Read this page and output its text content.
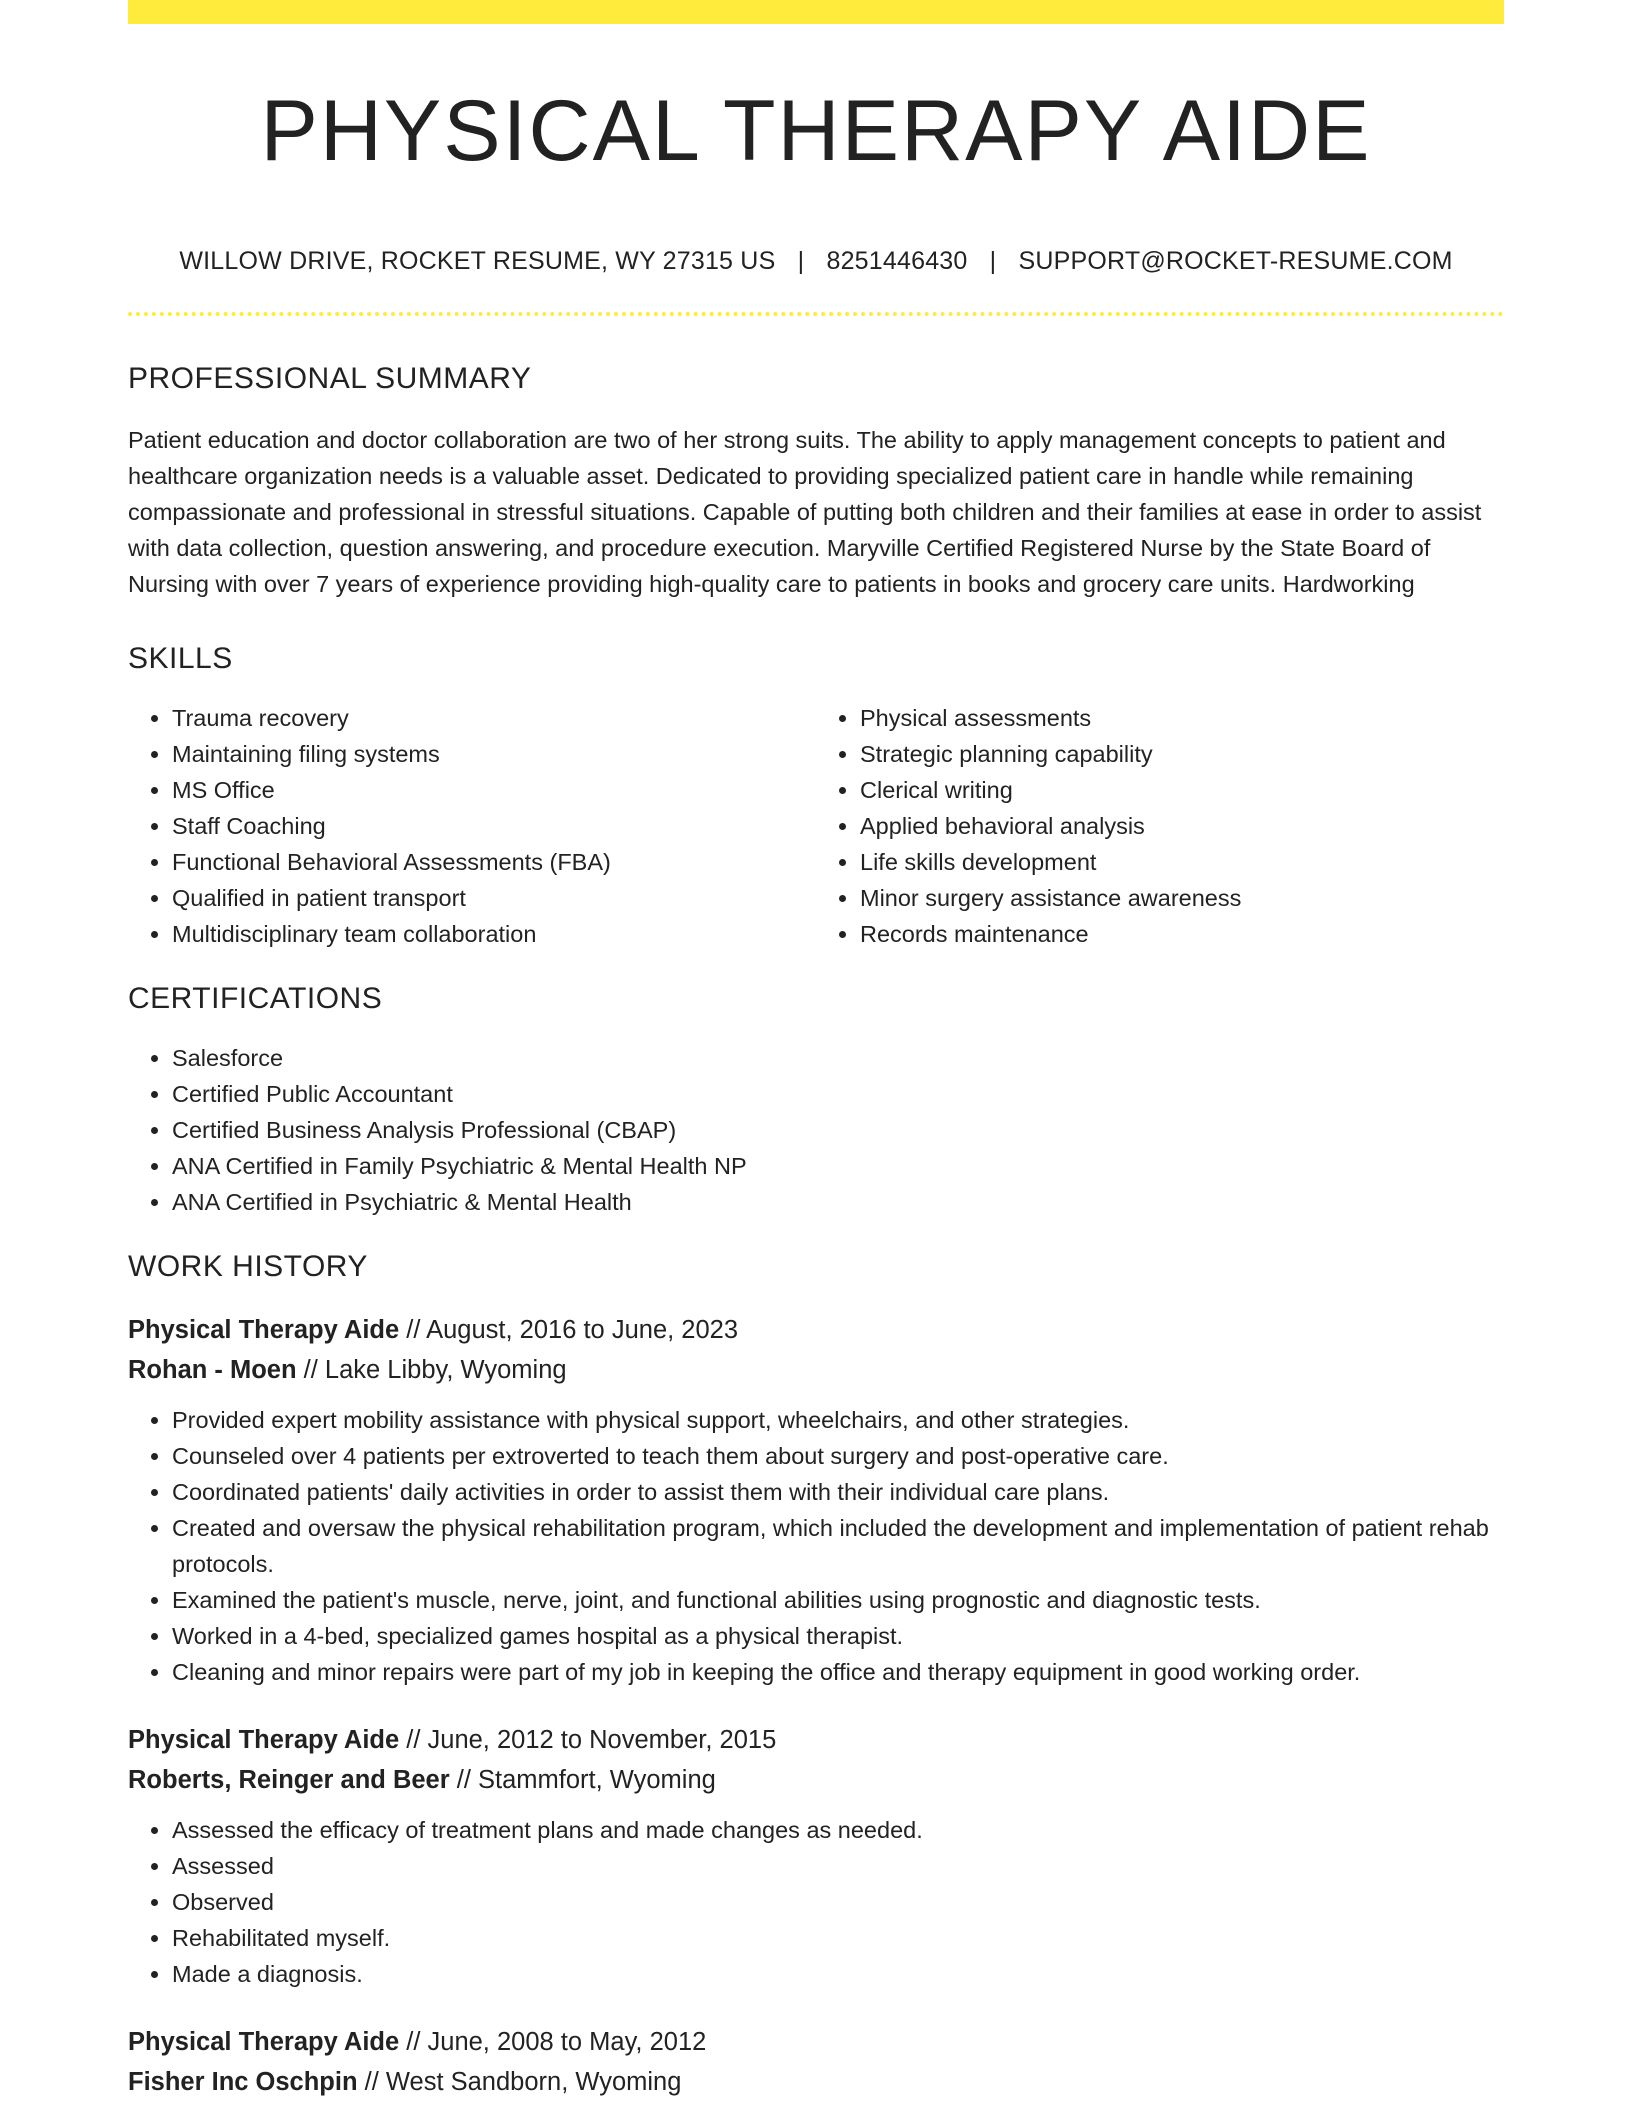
PHYSICAL THERAPY AIDE
WILLOW DRIVE, ROCKET RESUME, WY 27315 US | 8251446430 | SUPPORT@ROCKET-RESUME.COM
PROFESSIONAL SUMMARY

Patient education and doctor collaboration are two of her strong suits. The ability to apply management concepts to patient and healthcare organization needs is a valuable asset. Dedicated to providing specialized patient care in handle while remaining compassionate and professional in stressful situations. Capable of putting both children and their families at ease in order to assist with data collection, question answering, and procedure execution. Maryville Certified Registered Nurse by the State Board of Nursing with over 7 years of experience providing high-quality care to patients in books and grocery care units. Hardworking

SKILLS
• Trauma recovery
• Maintaining filing systems
• MS Office
• Staff Coaching
• Functional Behavioral Assessments (FBA)
• Qualified in patient transport
• Multidisciplinary team collaboration
• Physical assessments
• Strategic planning capability
• Clerical writing
• Applied behavioral analysis
• Life skills development
• Minor surgery assistance awareness
• Records maintenance
CERTIFICATIONS
• Salesforce
• Certified Public Accountant
• Certified Business Analysis Professional (CBAP)
• ANA Certified in Family Psychiatric & Mental Health NP
• ANA Certified in Psychiatric & Mental Health
WORK HISTORY
Physical Therapy Aide // August, 2016 to June, 2023
Rohan - Moen // Lake Libby, Wyoming
• Provided expert mobility assistance with physical support, wheelchairs, and other strategies.
• Counseled over 4 patients per extroverted to teach them about surgery and post-operative care.
• Coordinated patients' daily activities in order to assist them with their individual care plans.
• Created and oversaw the physical rehabilitation program, which included the development and implementation of patient rehab protocols.
• Examined the patient's muscle, nerve, joint, and functional abilities using prognostic and diagnostic tests.
• Worked in a 4-bed, specialized games hospital as a physical therapist.
• Cleaning and minor repairs were part of my job in keeping the office and therapy equipment in good working order.
Physical Therapy Aide // June, 2012 to November, 2015
Roberts, Reinger and Beer // Stammfort, Wyoming
• Assessed the efficacy of treatment plans and made changes as needed.
• Assessed
• Observed
• Rehabilitated myself.
• Made a diagnosis.
Physical Therapy Aide // June, 2008 to May, 2012
Fisher Inc Oschpin // West Sandborn, Wyoming
